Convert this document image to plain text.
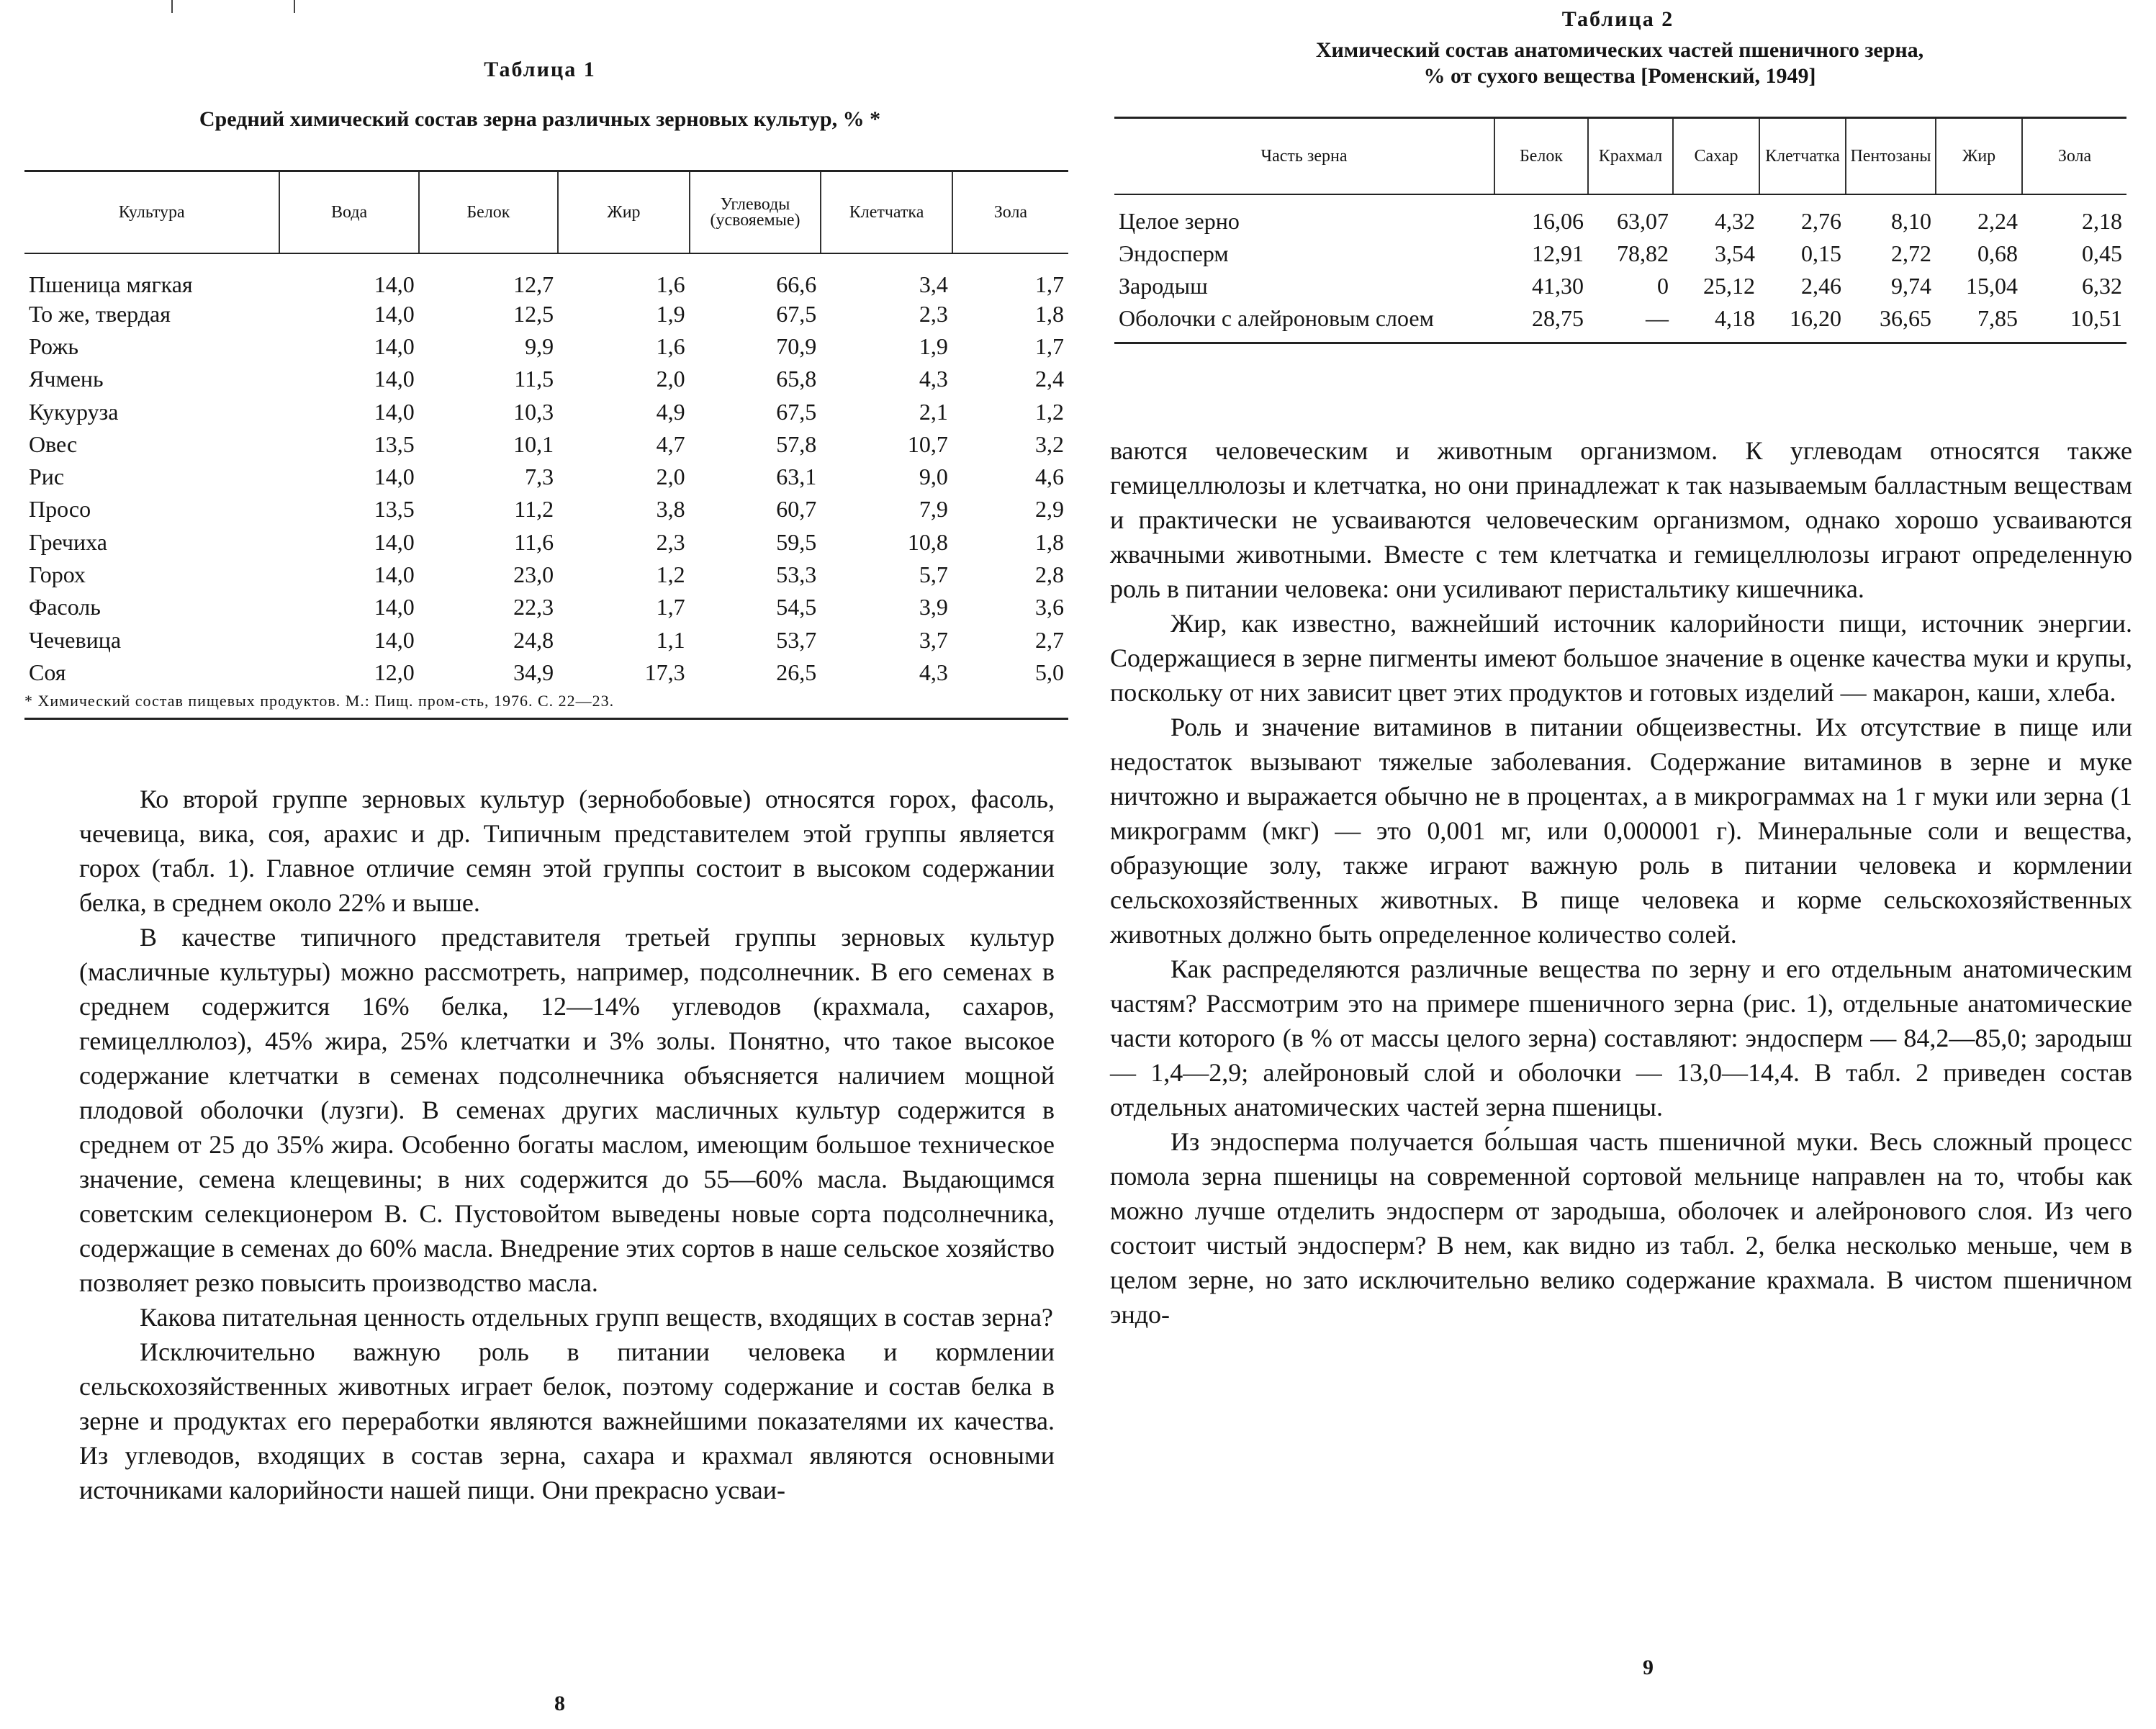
Таблица 1
Средний химический состав зерна различных зерновых культур, % *
Культура	Вода	Белок	Жир	Углеводы (усвояемые)	Клетчатка	Зола
Пшеница мягкая	14,0	12,7	1,6	66,6	3,4	1,7
То же, твердая	14,0	12,5	1,9	67,5	2,3	1,8
Рожь	14,0	9,9	1,6	70,9	1,9	1,7
Ячмень	14,0	11,5	2,0	65,8	4,3	2,4
Кукуруза	14,0	10,3	4,9	67,5	2,1	1,2
Овес	13,5	10,1	4,7	57,8	10,7	3,2
Рис	14,0	7,3	2,0	63,1	9,0	4,6
Просо	13,5	11,2	3,8	60,7	7,9	2,9
Гречиха	14,0	11,6	2,3	59,5	10,8	1,8
Горох	14,0	23,0	1,2	53,3	5,7	2,8
Фасоль	14,0	22,3	1,7	54,5	3,9	3,6
Чечевица	14,0	24,8	1,1	53,7	3,7	2,7
Соя	12,0	34,9	17,3	26,5	4,3	5,0
* Химический состав пищевых продуктов. М.: Пищ. пром-сть, 1976. С. 22—23.						

Ко второй группе зерновых культур (зернобобовые) относятся горох, фасоль, чечевица, вика, соя, арахис и др. Типичным представителем этой группы является горох (табл. 1). Главное отличие семян этой группы состоит в высоком содержании белка, в среднем около 22% и выше.

В качестве типичного представителя третьей группы зерновых культур (масличные культуры) можно рассмотреть, например, подсолнечник. В его семенах в среднем содержится 16% белка, 12—14% углеводов (крахмала, сахаров, гемицеллюлоз), 45% жира, 25% клетчатки и 3% золы. Понятно, что такое высокое содержание клетчатки в семенах подсолнечника объясняется наличием мощной плодовой оболочки (лузги). В семенах других масличных культур содержится в среднем от 25 до 35% жира. Особенно богаты маслом, имеющим большое техническое значение, семена клещевины; в них содержится до 55—60% масла. Выдающимся советским селекционером В. С. Пустовойтом выведены новые сорта подсолнечника, содержащие в семенах до 60% масла. Внедрение этих сортов в наше сельское хозяйство позволяет резко повысить производство масла.

Какова питательная ценность отдельных групп веществ, входящих в состав зерна?

Исключительно важную роль в питании человека и кормлении сельскохозяйственных животных играет белок, поэтому содержание и состав белка в зерне и продуктах его переработки являются важнейшими показателями их качества. Из углеводов, входящих в состав зерна, сахара и крахмал являются основными источниками калорийности нашей пищи. Они прекрасно усваи-

8
Таблица 2
Химический состав анатомических частей пшеничного зерна,
% от сухого вещества [Роменский, 1949]
Часть зерна	Белок	Крахмал	Сахар	Клетчатка	Пентозаны	Жир	Зола
Целое зерно	16,06	63,07	4,32	2,76	8,10	2,24	2,18
Эндосперм	12,91	78,82	3,54	0,15	2,72	0,68	0,45
Зародыш	41,30	0	25,12	2,46	9,74	15,04	6,32
Оболочки с алейроновым слоем	28,75	—	4,18	16,20	36,65	7,85	10,51

ваются человеческим и животным организмом. К углеводам относятся также гемицеллюлозы и клетчатка, но они принадлежат к так называемым балластным веществам и практически не усваиваются человеческим организмом, однако хорошо усваиваются жвачными животными. Вместе с тем клетчатка и гемицеллюлозы играют определенную роль в питании человека: они усиливают перистальтику кишечника.

Жир, как известно, важнейший источник калорийности пищи, источник энергии. Содержащиеся в зерне пигменты имеют большое значение в оценке качества муки и крупы, поскольку от них зависит цвет этих продуктов и готовых изделий — макарон, каши, хлеба.

Роль и значение витаминов в питании общеизвестны. Их отсутствие в пище или недостаток вызывают тяжелые заболевания. Содержание витаминов в зерне и муке ничтожно и выражается обычно не в процентах, а в микрограммах на 1 г муки или зерна (1 микрограмм (мкг) — это 0,001 мг, или 0,000001 г). Минеральные соли и вещества, образующие золу, также играют важную роль в питании человека и кормлении сельскохозяйственных животных. В пище человека и корме сельскохозяйственных животных должно быть определенное количество солей.

Как распределяются различные вещества по зерну и его отдельным анатомическим частям? Рассмотрим это на примере пшеничного зерна (рис. 1), отдельные анатомические части которого (в % от массы целого зерна) составляют: эндосперм — 84,2—85,0; зародыш — 1,4—2,9; алейроновый слой и оболочки — 13,0—14,4. В табл. 2 приведен состав отдельных анатомических частей зерна пшеницы.

Из эндосперма получается бо́льшая часть пшеничной муки. Весь сложный процесс помола зерна пшеницы на современной сортовой мельнице направлен на то, чтобы как можно лучше отделить эндосперм от зародыша, оболочек и алейронового слоя. Из чего состоит чистый эндосперм? В нем, как видно из табл. 2, белка несколько меньше, чем в целом зерне, но зато исключительно велико содержание крахмала. В чистом пшеничном эндо-

9
